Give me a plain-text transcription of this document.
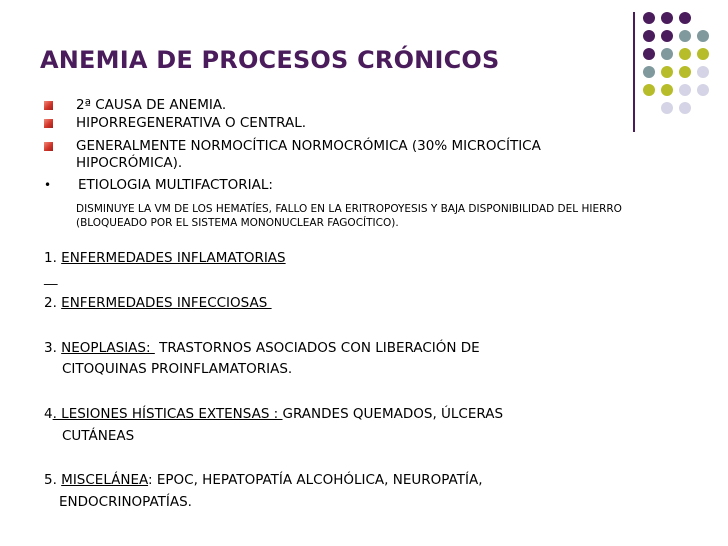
ANEMIA DE PROCESOS CRÓNICOS
2ª CAUSA DE ANEMIA.
HIPORREGENERATIVA O CENTRAL.
GENERALMENTE NORMOCÍTICA NORMOCRÓMICA (30% MICROCÍTICA
HIPOCRÓMICA).
• ETIOLOGIA MULTIFACTORIAL:
DISMINUYE LA VM DE LOS HEMATÍES, FALLO EN LA ERITROPOYESIS Y BAJA DISPONIBILIDAD DEL HIERRO
(BLOQUEADO POR EL SISTEMA MONONUCLEAR FAGOCÍTICO).
1. ENFERMEDADES INFLAMATORIAS
__
2. ENFERMEDADES INFECCIOSAS
3. NEOPLASIAS:  TRASTORNOS ASOCIADOS CON LIBERACIÓN DE
CITOQUINAS PROINFLAMATORIAS.
4. LESIONES HÍSTICAS EXTENSAS : GRANDES QUEMADOS, ÚLCERAS
CUTÁNEAS
5. MISCELÁNEA: EPOC, HEPATOPATÍA ALCOHÓLICA, NEUROPATÍA,
ENDOCRINOPATÍAS.
